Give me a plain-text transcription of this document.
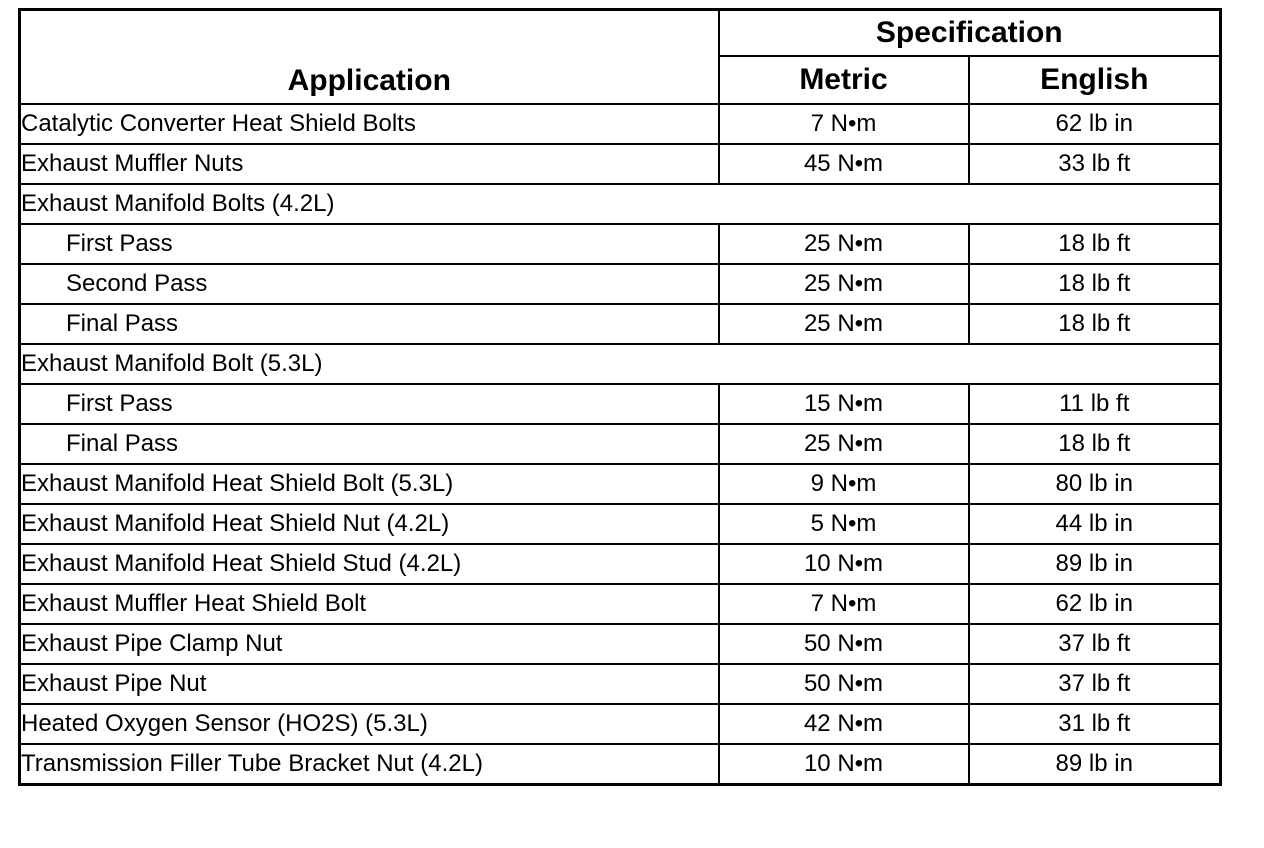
Application	Specification	
	Metric	English
Catalytic Converter Heat Shield Bolts	7 N•m	62 lb in
Exhaust Muffler Nuts	45 N•m	33 lb ft
Exhaust Manifold Bolts (4.2L)		
First Pass	25 N•m	18 lb ft
Second Pass	25 N•m	18 lb ft
Final Pass	25 N•m	18 lb ft
Exhaust Manifold Bolt (5.3L)		
First Pass	15 N•m	11 lb ft
Final Pass	25 N•m	18 lb ft
Exhaust Manifold Heat Shield Bolt (5.3L)	9 N•m	80 lb in
Exhaust Manifold Heat Shield Nut (4.2L)	5 N•m	44 lb in
Exhaust Manifold Heat Shield Stud (4.2L)	10 N•m	89 lb in
Exhaust Muffler Heat Shield Bolt	7 N•m	62 lb in
Exhaust Pipe Clamp Nut	50 N•m	37 lb ft
Exhaust Pipe Nut	50 N•m	37 lb ft
Heated Oxygen Sensor (HO2S) (5.3L)	42 N•m	31 lb ft
Transmission Filler Tube Bracket Nut (4.2L)	10 N•m	89 lb in
